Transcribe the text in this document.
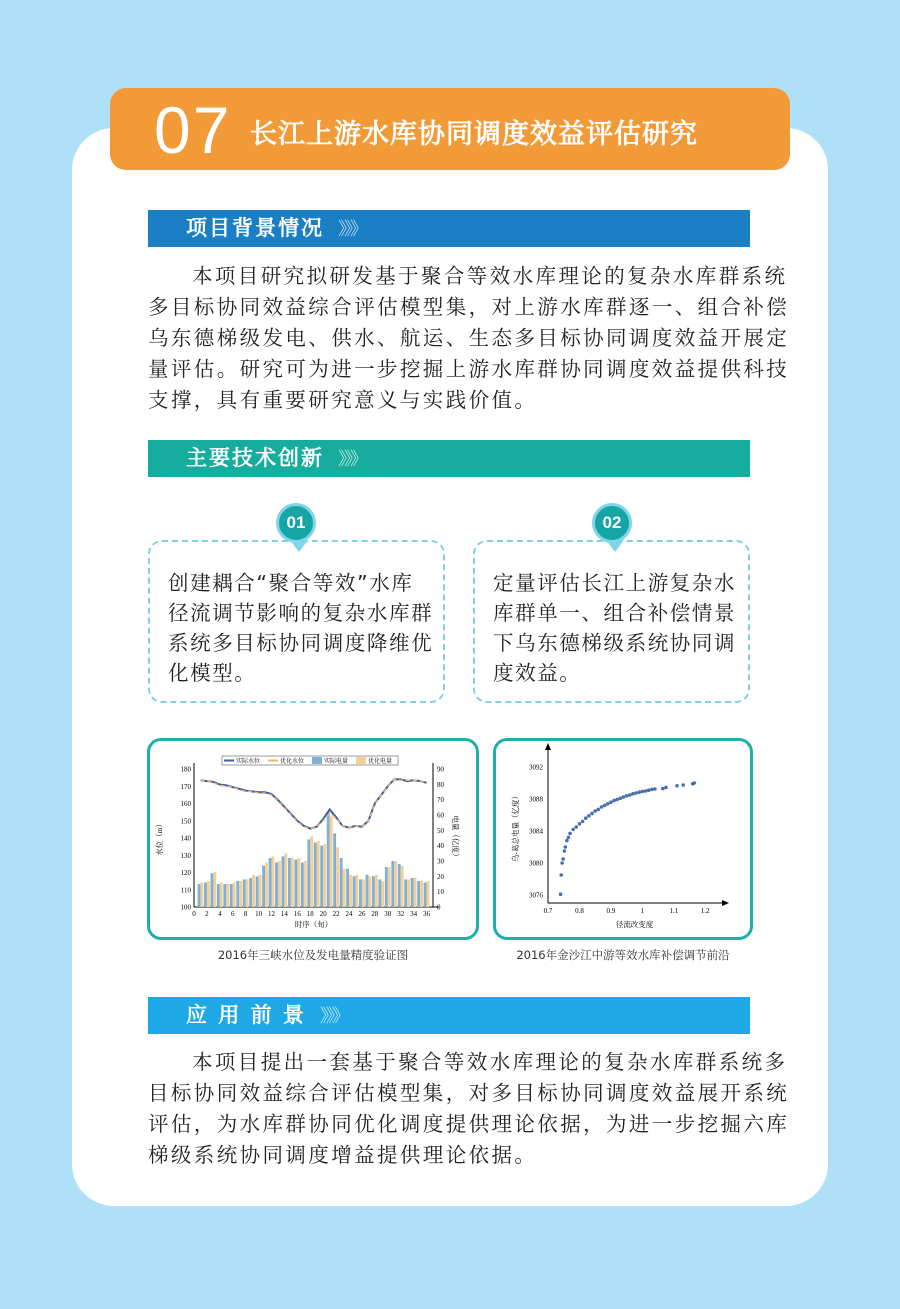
07 长江上游水库协同调度效益评估研究
项目背景情况 》》》
本项目研究拟研发基于聚合等效水库理论的复杂水库群系统
多目标协同效益综合评估模型集，对上游水库群逐一、组合补偿
乌东德梯级发电、供水、航运、生态多目标协同调度效益开展定
量评估。研究可为进一步挖掘上游水库群协同调度效益提供科技
支撑，具有重要研究意义与实践价值。
主要技术创新 》》》
创建耦合“聚合等效”水库
径流调节影响的复杂水库群
系统多目标协同调度降维优
化模型。
01
定量评估长江上游复杂水
库群单一、组合补偿情景
下乌东德梯级系统协同调
度效益。
02
0 2 4 6 8 10 12 14 16 18 20 22 24 26 28 30 32 34 36
100
110
120
130
140
150
160
170
180
0
10
20
30
40
50
60
70
80
90
时序（旬）
水位（m）	电量（亿度）
实际水位	优化水位	实际电量	优化电量
2016年三峡水位及发电量精度验证图
0.7	0.8	0.9	1	1.1	1.2
3076
3080
3084
3088
3092
径流改变度
乌-葛总电量（亿度）
2016年金沙江中游等效水库补偿调节前沿
应 用 前 景 》》》
本项目提出一套基于聚合等效水库理论的复杂水库群系统多
目标协同效益综合评估模型集，对多目标协同调度效益展开系统
评估，为水库群协同优化调度提供理论依据，为进一步挖掘六库
梯级系统协同调度增益提供理论依据。
